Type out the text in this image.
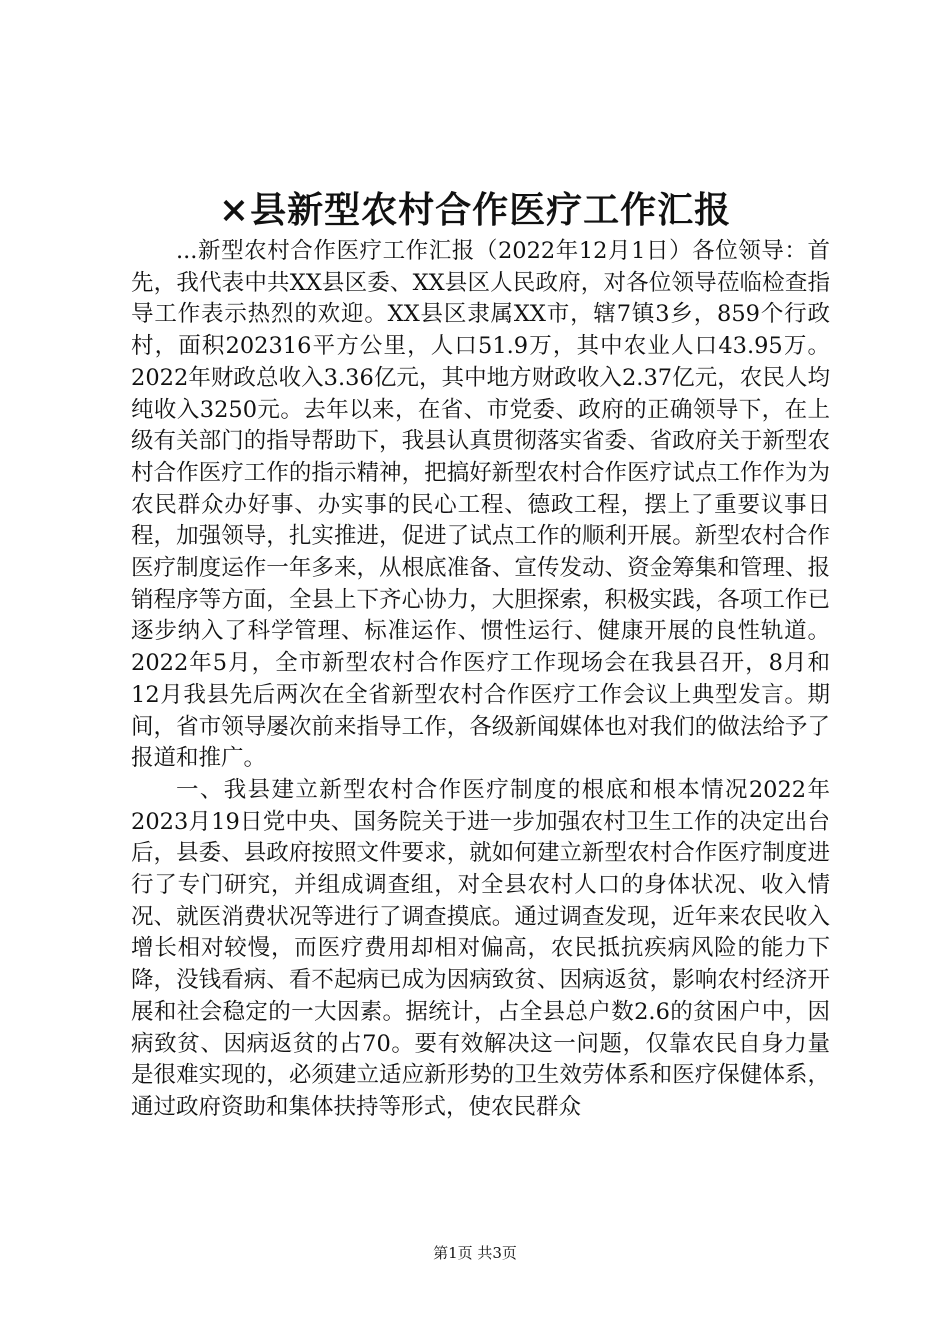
×县新型农村合作医疗工作汇报

...新型农村合作医疗工作汇报（2022年12月1日）各位领导：首先，我代表中共XX县区委、XX县区人民政府，对各位领导莅临检查指导工作表示热烈的欢迎。XX县区隶属XX市，辖7镇3乡，859个行政村，面积202316平方公里，人口51.9万，其中农业人口43.95万。2022年财政总收入3.36亿元，其中地方财政收入2.37亿元，农民人均纯收入3250元。去年以来，在省、市党委、政府的正确领导下，在上级有关部门的指导帮助下，我县认真贯彻落实省委、省政府关于新型农村合作医疗工作的指示精神，把搞好新型农村合作医疗试点工作作为为农民群众办好事、办实事的民心工程、德政工程，摆上了重要议事日程，加强领导，扎实推进，促进了试点工作的顺利开展。新型农村合作医疗制度运作一年多来，从根底准备、宣传发动、资金筹集和管理、报销程序等方面，全县上下齐心协力，大胆探索，积极实践，各项工作已逐步纳入了科学管理、标准运作、惯性运行、健康开展的良性轨道。2022年5月，全市新型农村合作医疗工作现场会在我县召开，8月和12月我县先后两次在全省新型农村合作医疗工作会议上典型发言。期间，省市领导屡次前来指导工作，各级新闻媒体也对我们的做法给予了报道和推广。

一、我县建立新型农村合作医疗制度的根底和根本情况2022年2023月19日党中央、国务院关于进一步加强农村卫生工作的决定出台后，县委、县政府按照文件要求，就如何建立新型农村合作医疗制度进行了专门研究，并组成调查组，对全县农村人口的身体状况、收入情况、就医消费状况等进行了调查摸底。通过调查发现，近年来农民收入增长相对较慢，而医疗费用却相对偏高，农民抵抗疾病风险的能力下降，没钱看病、看不起病已成为因病致贫、因病返贫，影响农村经济开展和社会稳定的一大因素。据统计，占全县总户数2.6的贫困户中，因病致贫、因病返贫的占70。要有效解决这一问题，仅靠农民自身力量是很难实现的，必须建立适应新形势的卫生效劳体系和医疗保健体系，通过政府资助和集体扶持等形式，使农民群众

第1页 共3页
